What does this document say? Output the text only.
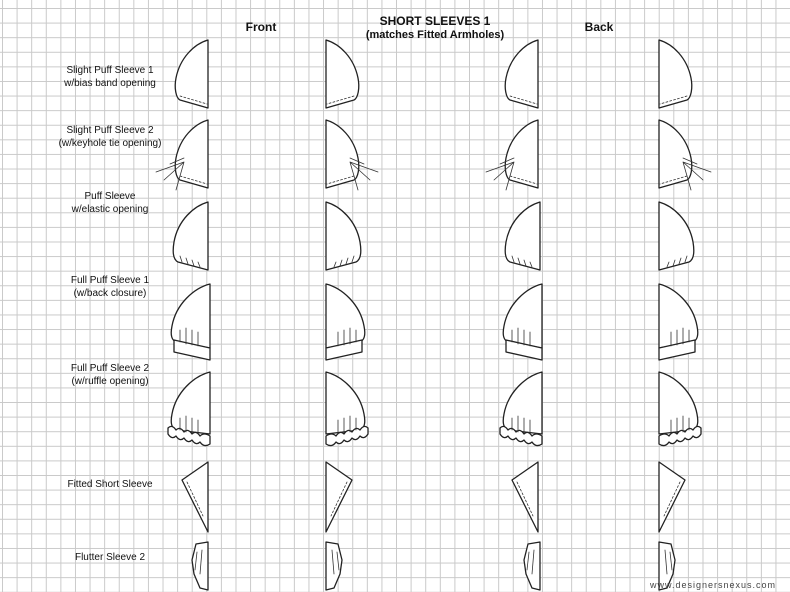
Front	SHORT SLEEVES 1
(matches Fitted Armholes)
Back
Slight Puff Sleeve 1
w/bias band opening
Slight Puff Sleeve 2
(w/keyhole tie opening)
Puff Sleeve
w/elastic opening
Full Puff Sleeve 1
(w/back closure)
Full Puff Sleeve 2
(w/ruffle opening)
Fitted Short Sleeve
Flutter Sleeve 2
www.designersnexus.com
